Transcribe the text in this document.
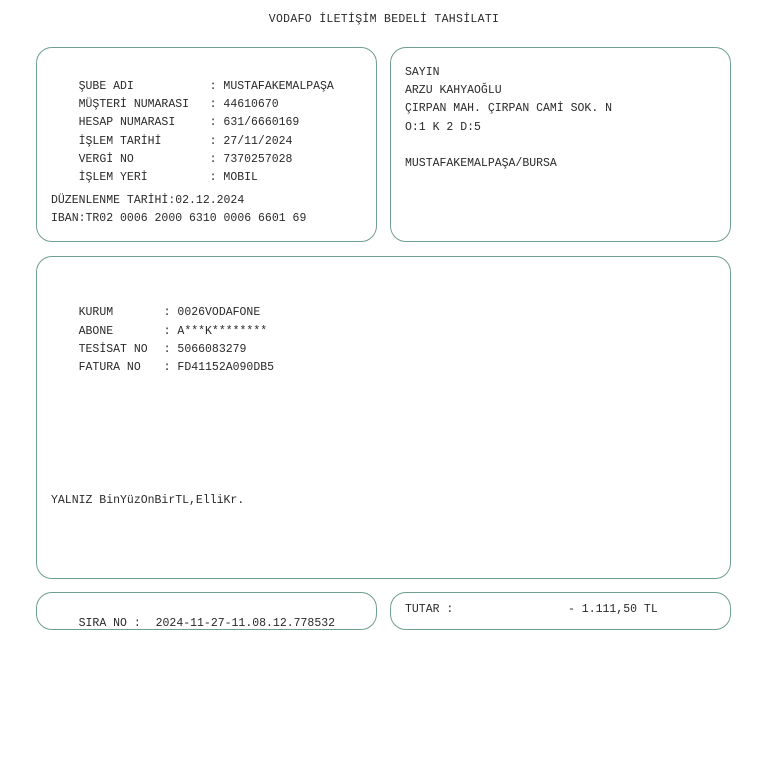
VODAFO İLETİŞİM BEDELİ TAHSİLATI

ŞUBE ADI	: MUSTAFAKEMALPAŞA

MÜŞTERİ NUMARASI : 44610670

HESAP NUMARASI	: 631/6660169

İŞLEM TARİHİ	: 27/11/2024

VERGİ NO	: 7370257028

İŞLEM YERİ	: MOBIL

DÜZENLENME TARİHİ:02.12.2024
IBAN:TR02 0006 2000 6310 0006 6601 69
SAYIN
ARZU KAHYAOĞLU
ÇIRPAN MAH. ÇIRPAN CAMİ SOK. N
O:1 K 2 D:5
MUSTAFAKEMALPAŞA/BURSA

KURUM	: 0026VODAFONE

ABONE	: A***K********

TESİSAT NO : 5066083279

FATURA NO : FD41152A090DB5

YALNIZ BinYüzOnBirTL,ElliKr.

SIRA NO : 2024-11-27-11.08.12.778532

TUTAR :	- 1.111,50 TL
